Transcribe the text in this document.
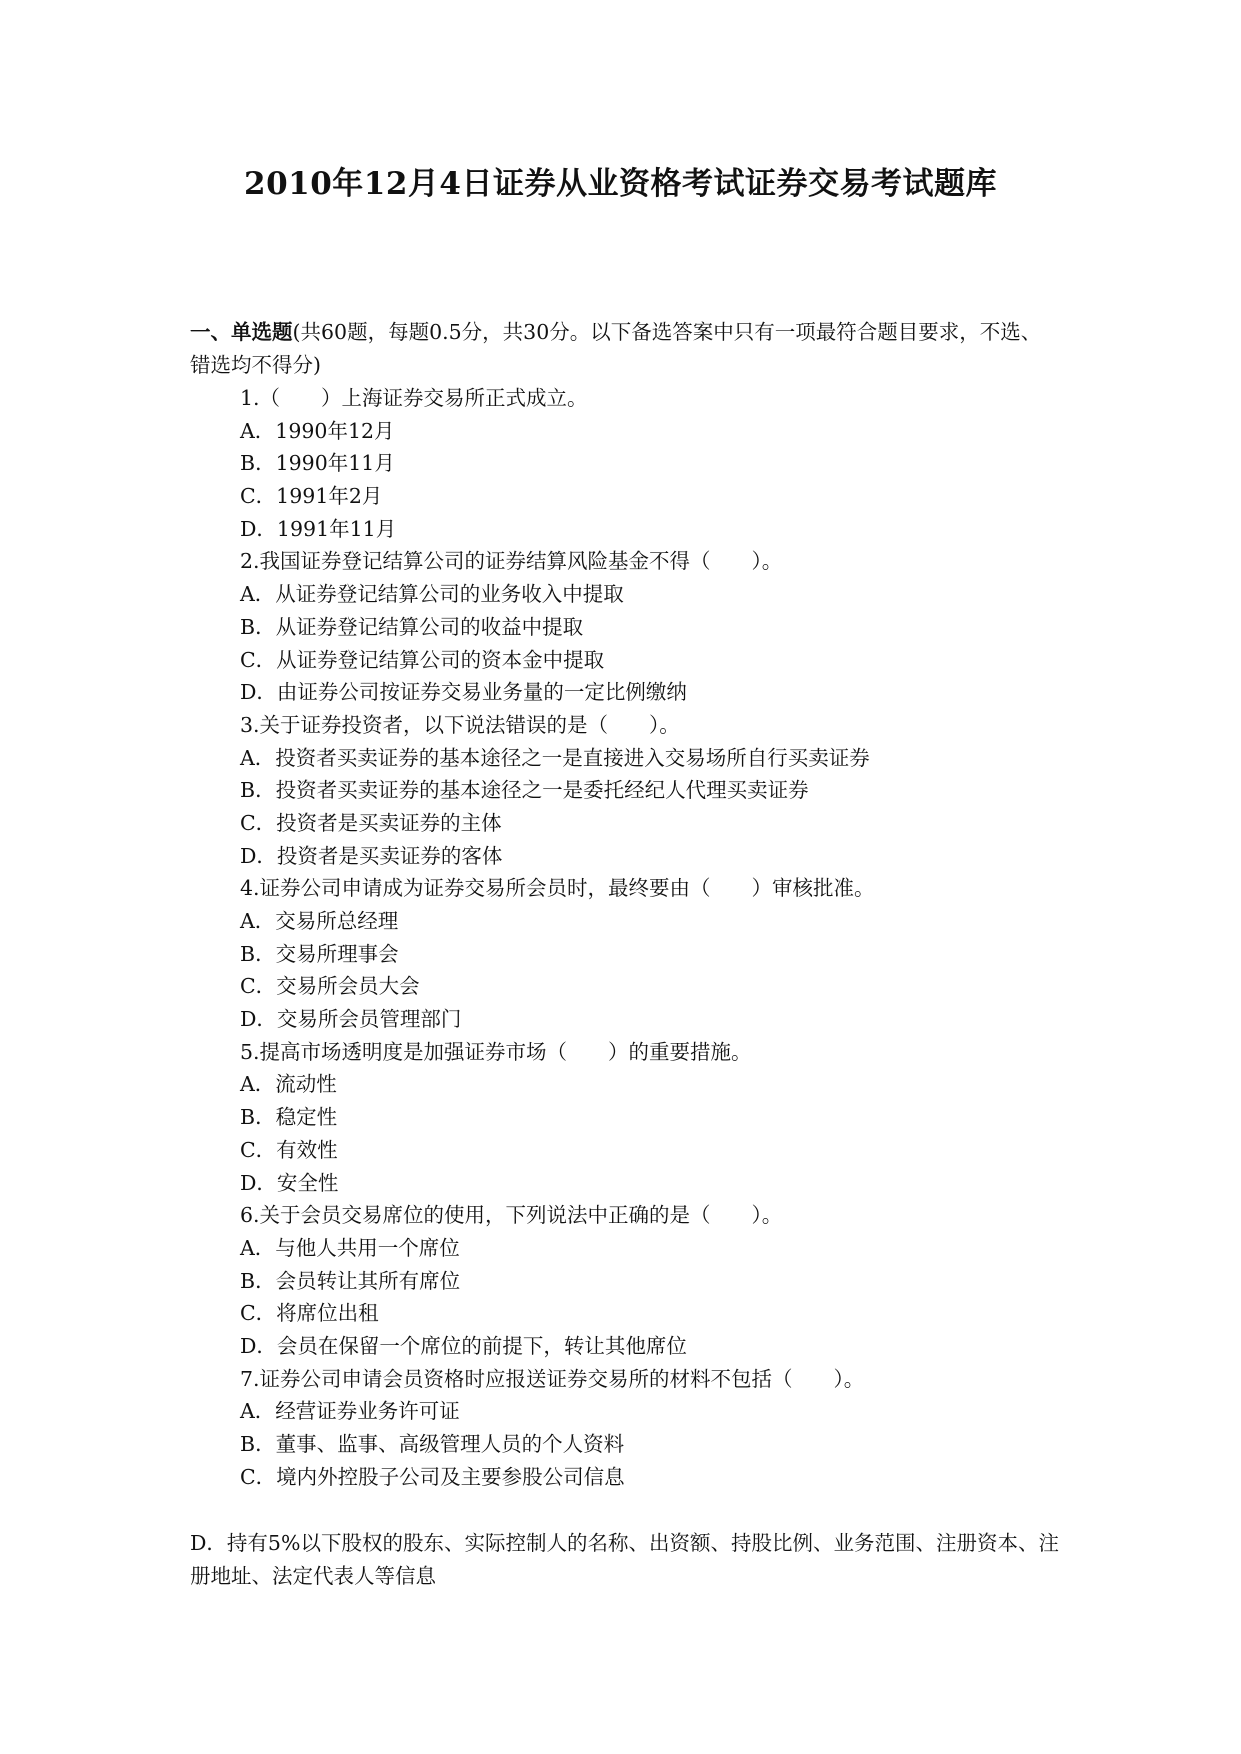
2010年12月4日证券从业资格考试证券交易考试题库
一、单选题(共60题，每题0.5分，共30分。以下备选答案中只有一项最符合题目要求，不选、错选均不得分)
1.（　　）上海证券交易所正式成立。
A．1990年12月
B．1990年11月
C．1991年2月
D．1991年11月
2.我国证券登记结算公司的证券结算风险基金不得（　　）。
A．从证券登记结算公司的业务收入中提取
B．从证券登记结算公司的收益中提取
C．从证券登记结算公司的资本金中提取
D．由证券公司按证券交易业务量的一定比例缴纳
3.关于证券投资者，以下说法错误的是（　　）。
A．投资者买卖证券的基本途径之一是直接进入交易场所自行买卖证券
B．投资者买卖证券的基本途径之一是委托经纪人代理买卖证券
C．投资者是买卖证券的主体
D．投资者是买卖证券的客体
4.证券公司申请成为证券交易所会员时，最终要由（　　）审核批准。
A．交易所总经理
B．交易所理事会
C．交易所会员大会
D．交易所会员管理部门
5.提高市场透明度是加强证券市场（　　）的重要措施。
A．流动性
B．稳定性
C．有效性
D．安全性
6.关于会员交易席位的使用，下列说法中正确的是（　　）。
A．与他人共用一个席位
B．会员转让其所有席位
C．将席位出租
D．会员在保留一个席位的前提下，转让其他席位
7.证券公司申请会员资格时应报送证券交易所的材料不包括（　　）。
A．经营证券业务许可证
B．董事、监事、高级管理人员的个人资料
C．境内外控股子公司及主要参股公司信息
D．持有5%以下股权的股东、实际控制人的名称、出资额、持股比例、业务范围、注册资本、注册地址、法定代表人等信息
